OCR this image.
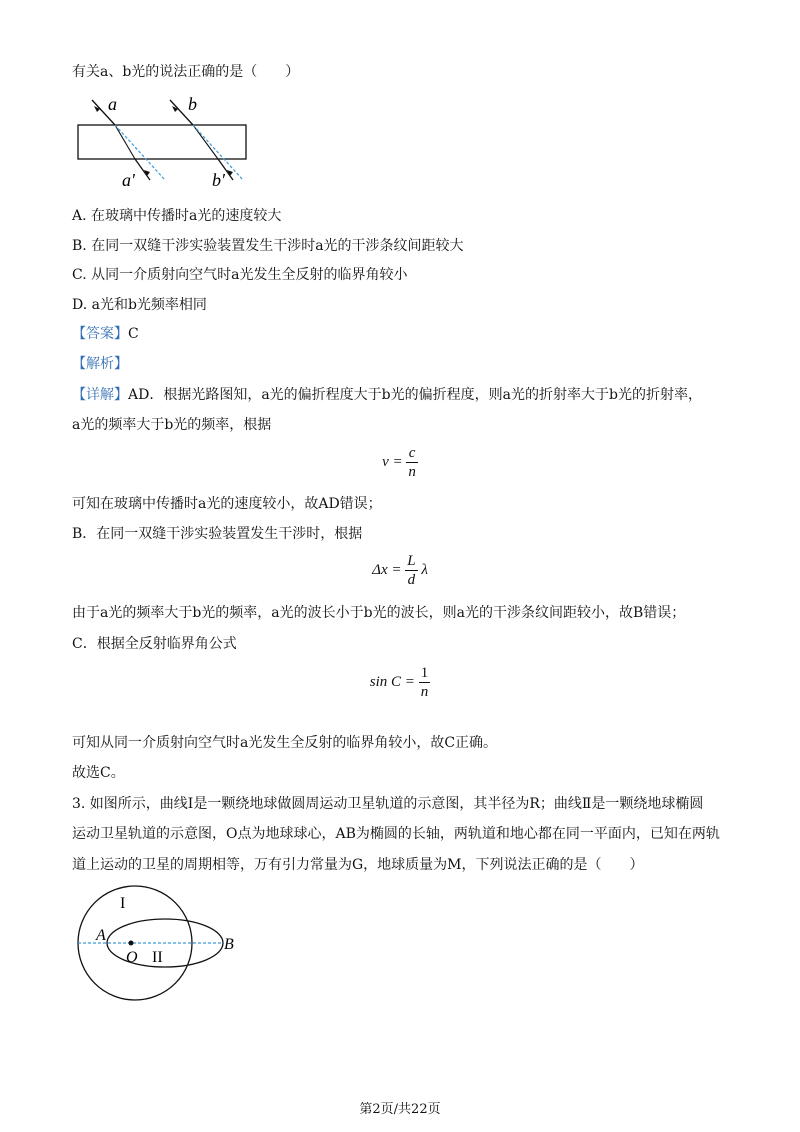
有关a、b光的说法正确的是（　　）
a	b
a′	b′
A. 在玻璃中传播时a光的速度较大
B. 在同一双缝干涉实验装置发生干涉时a光的干涉条纹间距较大
C. 从同一介质射向空气时a光发生全反射的临界角较小
D. a光和b光频率相同
【答案】C
【解析】
【详解】AD．根据光路图知，a光的偏折程度大于b光的偏折程度，则a光的折射率大于b光的折射率，
a光的频率大于b光的频率，根据
$v = \frac{c}{n}$
可知在玻璃中传播时a光的速度较小，故AD错误；
B．在同一双缝干涉实验装置发生干涉时，根据
$\Delta x = \frac{L}{d}$ λ
由于a光的频率大于b光的频率，a光的波长小于b光的波长，则a光的干涉条纹间距较小，故B错误；
C．根据全反射临界角公式
$\sin C = \frac{1}{n}$
可知从同一介质射向空气时a光发生全反射的临界角较小，故C正确。
故选C。
3. 如图所示，曲线Ⅰ是一颗绕地球做圆周运动卫星轨道的示意图，其半径为R；曲线Ⅱ是一颗绕地球椭圆
运动卫星轨道的示意图，O点为地球球心，AB为椭圆的长轴，两轨道和地心都在同一平面内，已知在两轨
道上运动的卫星的周期相等，万有引力常量为G，地球质量为M，下列说法正确的是（　　）
I
II
A
B
O
第2页/共22页
